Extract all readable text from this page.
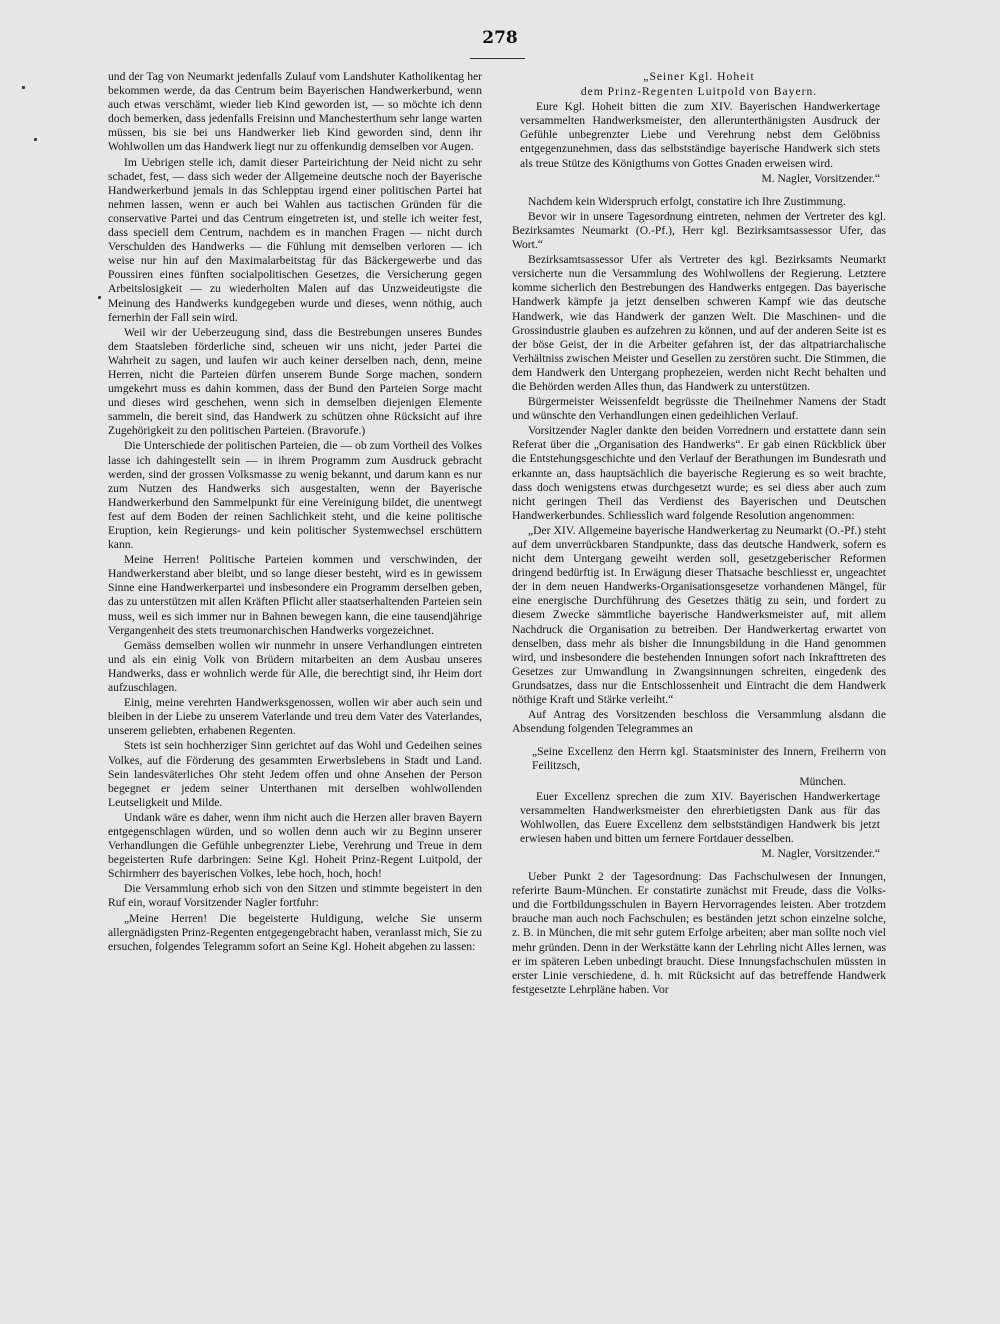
278

und der Tag von Neumarkt jedenfalls Zulauf vom Landshuter Katholikentag her bekommen werde, da das Centrum beim Bayerischen Handwerkerbund, wenn auch etwas verschämt, wieder lieb Kind geworden ist, — so möchte ich denn doch bemerken, dass jedenfalls Freisinn und Manchesterthum sehr lange warten müssen, bis sie bei uns Handwerker lieb Kind geworden sind, denn ihr Wohlwollen um das Handwerk liegt nur zu offenkundig demselben vor Augen.

Im Uebrigen stelle ich, damit dieser Parteirichtung der Neid nicht zu sehr schadet, fest, — dass sich weder der Allgemeine deutsche noch der Bayerische Handwerkerbund jemals in das Schlepptau irgend einer politischen Partei hat nehmen lassen, wenn er auch bei Wahlen aus tactischen Gründen für die conservative Partei und das Centrum eingetreten ist, und stelle ich weiter fest, dass speciell dem Centrum, nachdem es in manchen Fragen — nicht durch Verschulden des Handwerks — die Fühlung mit demselben verloren — ich weise nur hin auf den Maximalarbeitstag für das Bäckergewerbe und das Poussiren eines fünften socialpolitischen Gesetzes, die Versicherung gegen Arbeitslosigkeit — zu wiederholten Malen auf das Unzweideutigste die Meinung des Handwerks kundgegeben wurde und dieses, wenn nöthig, auch fernerhin der Fall sein wird.

Weil wir der Ueberzeugung sind, dass die Bestrebungen unseres Bundes dem Staatsleben förderliche sind, scheuen wir uns nicht, jeder Partei die Wahrheit zu sagen, und laufen wir auch keiner derselben nach, denn, meine Herren, nicht die Parteien dürfen unserem Bunde Sorge machen, sondern umgekehrt muss es dahin kommen, dass der Bund den Parteien Sorge macht und dieses wird geschehen, wenn sich in demselben diejenigen Elemente sammeln, die bereit sind, das Handwerk zu schützen ohne Rücksicht auf ihre Zugehörigkeit zu den politischen Parteien. (Bravorufe.)

Die Unterschiede der politischen Parteien, die — ob zum Vortheil des Volkes lasse ich dahingestellt sein — in ihrem Programm zum Ausdruck gebracht werden, sind der grossen Volksmasse zu wenig bekannt, und darum kann es nur zum Nutzen des Handwerks sich ausgestalten, wenn der Bayerische Handwerkerbund den Sammelpunkt für eine Vereinigung bildet, die unentwegt fest auf dem Boden der reinen Sachlichkeit steht, und die keine politische Eruption, kein Regierungs- und kein politischer Systemwechsel erschüttern kann.

Meine Herren! Politische Parteien kommen und verschwinden, der Handwerkerstand aber bleibt, und so lange dieser besteht, wird es in gewissem Sinne eine Handwerkerpartei und insbesondere ein Programm derselben geben, das zu unterstützen mit allen Kräften Pflicht aller staatserhaltenden Parteien sein muss, weil es sich immer nur in Bahnen bewegen kann, die eine tausendjährige Vergangenheit des stets treumonarchischen Handwerks vorgezeichnet.

Gemäss demselben wollen wir nunmehr in unsere Verhandlungen eintreten und als ein einig Volk von Brüdern mitarbeiten an dem Ausbau unseres Handwerks, dass er wohnlich werde für Alle, die berechtigt sind, ihr Heim dort aufzuschlagen.

Einig, meine verehrten Handwerksgenossen, wollen wir aber auch sein und bleiben in der Liebe zu unserem Vaterlande und treu dem Vater des Vaterlandes, unserem geliebten, erhabenen Regenten.

Stets ist sein hochherziger Sinn gerichtet auf das Wohl und Gedeihen seines Volkes, auf die Förderung des gesammten Erwerbslebens in Stadt und Land. Sein landesväterliches Ohr steht Jedem offen und ohne Ansehen der Person begegnet er jedem seiner Unterthanen mit derselben wohlwollenden Leutseligkeit und Milde.

Undank wäre es daher, wenn ihm nicht auch die Herzen aller braven Bayern entgegenschlagen würden, und so wollen denn auch wir zu Beginn unserer Verhandlungen die Gefühle unbegrenzter Liebe, Verehrung und Treue in dem begeisterten Rufe darbringen: Seine Kgl. Hoheit Prinz-Regent Luitpold, der Schirmherr des bayerischen Volkes, lebe hoch, hoch, hoch!

Die Versammlung erhob sich von den Sitzen und stimmte begeistert in den Ruf ein, worauf Vorsitzender Nagler fortfuhr:

„Meine Herren! Die begeisterte Huldigung, welche Sie unserm allergnädigsten Prinz-Regenten entgegengebracht haben, veranlasst mich, Sie zu ersuchen, folgendes Telegramm sofort an Seine Kgl. Hoheit abgehen zu lassen:

„Seiner Kgl. Hoheit

dem Prinz-Regenten Luitpold von Bayern.

Eure Kgl. Hoheit bitten die zum XIV. Bayerischen Handwerkertage versammelten Handwerksmeister, den allerunterthänigsten Ausdruck der Gefühle unbegrenzter Liebe und Verehrung nebst dem Gelöbniss entgegenzunehmen, dass das selbstständige bayerische Handwerk sich stets als treue Stütze des Königthums von Gottes Gnaden erweisen wird.

M. Nagler, Vorsitzender.“

Nachdem kein Widerspruch erfolgt, constatire ich Ihre Zustimmung.

Bevor wir in unsere Tagesordnung eintreten, nehmen der Vertreter des kgl. Bezirksamtes Neumarkt (O.-Pf.), Herr kgl. Bezirksamtsassessor Ufer, das Wort.“

Bezirksamtsassessor Ufer als Vertreter des kgl. Bezirksamts Neumarkt versicherte nun die Versammlung des Wohlwollens der Regierung. Letztere komme sicherlich den Bestrebungen des Handwerks entgegen. Das bayerische Handwerk kämpfe ja jetzt denselben schweren Kampf wie das deutsche Handwerk, wie das Handwerk der ganzen Welt. Die Maschinen- und die Grossindustrie glauben es aufzehren zu können, und auf der anderen Seite ist es der böse Geist, der in die Arbeiter gefahren ist, der das altpatriarchalische Verhältniss zwischen Meister und Gesellen zu zerstören sucht. Die Stimmen, die dem Handwerk den Untergang prophezeien, werden nicht Recht behalten und die Behörden werden Alles thun, das Handwerk zu unterstützen.

Bürgermeister Weissenfeldt begrüsste die Theilnehmer Namens der Stadt und wünschte den Verhandlungen einen gedeihlichen Verlauf.

Vorsitzender Nagler dankte den beiden Vorrednern und erstattete dann sein Referat über die „Organisation des Handwerks“. Er gab einen Rückblick über die Entstehungsgeschichte und den Verlauf der Berathungen im Bundesrath und erkannte an, dass hauptsächlich die bayerische Regierung es so weit brachte, dass doch wenigstens etwas durchgesetzt wurde; es sei diess aber auch zum nicht geringen Theil das Verdienst des Bayerischen und Deutschen Handwerkerbundes. Schliesslich ward folgende Resolution angenommen:

„Der XIV. Allgemeine bayerische Handwerkertag zu Neumarkt (O.-Pf.) steht auf dem unverrückbaren Standpunkte, dass das deutsche Handwerk, sofern es nicht dem Untergang geweiht werden soll, gesetzgeberischer Reformen dringend bedürftig ist. In Erwägung dieser Thatsache beschliesst er, ungeachtet der in dem neuen Handwerks-Organisationsgesetze vorhandenen Mängel, für eine energische Durchführung des Gesetzes thätig zu sein, und fordert zu diesem Zwecke sämmtliche bayerische Handwerksmeister auf, mit allem Nachdruck die Organisation zu betreiben. Der Handwerkertag erwartet von denselben, dass mehr als bisher die Innungsbildung in die Hand genommen wird, und insbesondere die bestehenden Innungen sofort nach Inkrafttreten des Gesetzes zur Umwandlung in Zwangsinnungen schreiten, eingedenk des Grundsatzes, dass nur die Entschlossenheit und Eintracht die dem Handwerk nöthige Kraft und Stärke verleiht.“

Auf Antrag des Vorsitzenden beschloss die Versammlung alsdann die Absendung folgenden Telegrammes an

„Seine Excellenz den Herrn kgl. Staatsminister des Innern, Freiherrn von Feilitzsch,

München.

Euer Excellenz sprechen die zum XIV. Bayerischen Handwerkertage versammelten Handwerksmeister den ehrerbietigsten Dank aus für das Wohlwollen, das Euere Excellenz dem selbstständigen Handwerk bis jetzt erwiesen haben und bitten um fernere Fortdauer desselben.

M. Nagler, Vorsitzender.“

Ueber Punkt 2 der Tagesordnung: Das Fachschulwesen der Innungen, referirte Baum-München. Er constatirte zunächst mit Freude, dass die Volks- und die Fortbildungsschulen in Bayern Hervorragendes leisten. Aber trotzdem brauche man auch noch Fachschulen; es beständen jetzt schon einzelne solche, z. B. in München, die mit sehr gutem Erfolge arbeiten; aber man sollte noch viel mehr gründen. Denn in der Werkstätte kann der Lehrling nicht Alles lernen, was er im späteren Leben unbedingt braucht. Diese Innungsfachschulen müssten in erster Linie verschiedene, d. h. mit Rücksicht auf das betreffende Handwerk festgesetzte Lehrpläne haben. Vor
